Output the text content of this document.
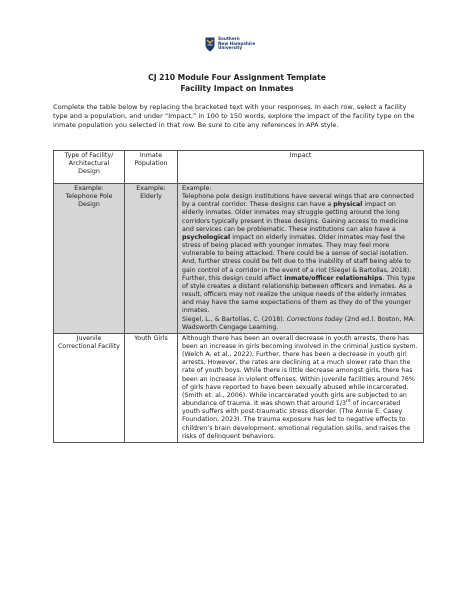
Southern
New Hampshire
University
CJ 210 Module Four Assignment Template
Facility Impact on Inmates

Complete the table below by replacing the bracketed text with your responses. In each row, select a facility type and a population, and under “Impact,” in 100 to 150 words, explore the impact of the facility type on the inmate population you selected in that row. Be sure to cite any references in APA style.

Type of Facility/ Architectural Design	Inmate Population	Impact
Example: Telephone Pole Design	Example: Elderly	Example:
Telephone pole design institutions have several wings that are connected by a central corridor. These designs can have a physical impact on elderly inmates. Older inmates may struggle getting around the long corridors typically present in these designs. Gaining access to medicine and services can be problematic. These institutions can also have a psychological impact on elderly inmates. Older inmates may feel the stress of being placed with younger inmates. They may feel more vulnerable to being attacked. There could be a sense of social isolation. And, further stress could be felt due to the inability of staff being able to gain control of a corridor in the event of a riot (Siegel & Bartollas, 2018). Further, this design could affect inmate/officer relationships. This type of style creates a distant relationship between officers and inmates. As a result, officers may not realize the unique needs of the elderly inmates and may have the same expectations of them as they do of the younger inmates.
Siegel, L., & Bartollas, C. (2018). Corrections today (2nd ed.). Boston, MA: Wadsworth Cengage Learning.

Juvenile Correctional Facility	Youth Girls	Although there has been an overall decrease in youth arrests, there has been an increase in girls becoming involved in the criminal justice system. (Welch A. et al., 2022). Further, there has been a decrease in youth girl arrests. However, the rates are declining at a much slower rate than the rate of youth boys. While there is little decrease amongst girls, there has been an increase in violent offenses. Within juvenile facilities around 76% of girls have reported to have been sexually abused while incarcerated. (Smith et. al., 2006). While incarcerated youth girls are subjected to an abundance of trauma. It was shown that around 1/3rd of incarcerated youth suffers with post-traumatic stress disorder. (The Annie E. Casey Foundation, 2023). The trauma exposure has led to negative effects to children’s brain development, emotional regulation skills, and raises the risks of delinquent behaviors.
